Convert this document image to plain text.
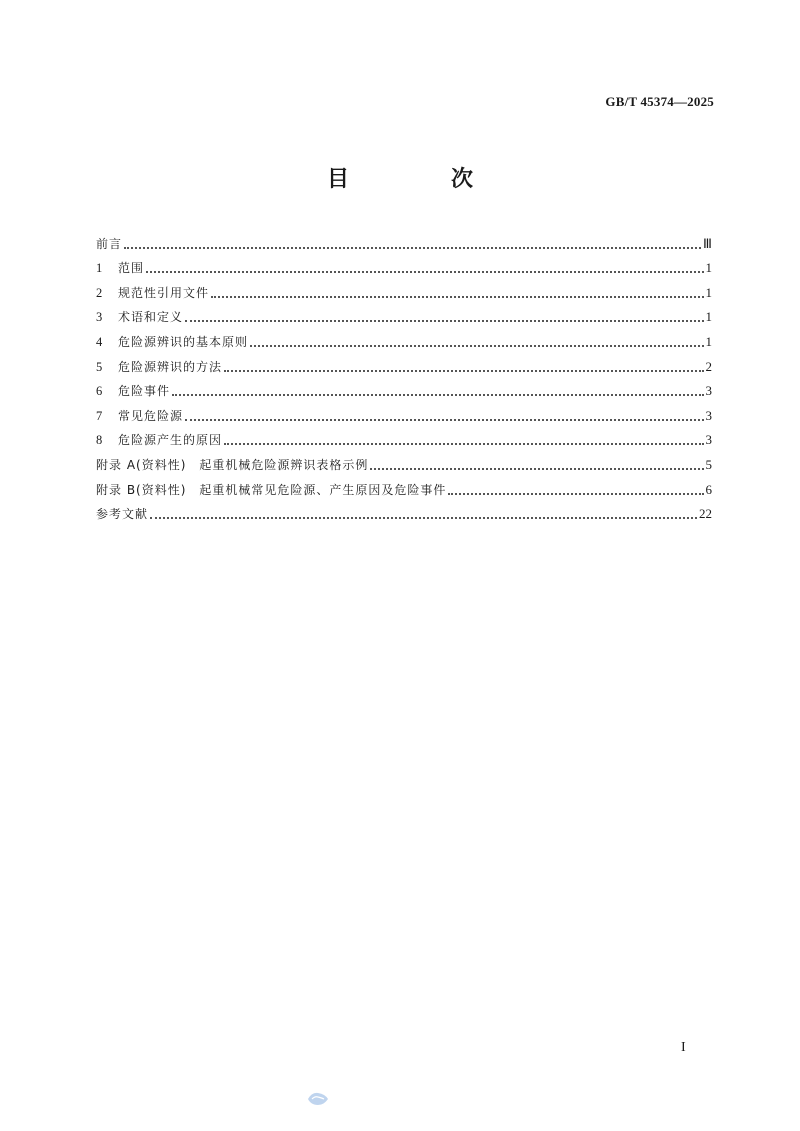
GB/T 45374—2025
目　次
前言	Ⅲ
1	范围	1
2	规范性引用文件	1
3	术语和定义	1
4	危险源辨识的基本原则	1
5	危险源辨识的方法	2
6	危险事件	3
7	常见危险源	3
8	危险源产生的原因	3
附录 A(资料性)　起重机械危险源辨识表格示例	5
附录 B(资料性)　起重机械常见危险源、产生原因及危险事件	6
参考文献	22
I
